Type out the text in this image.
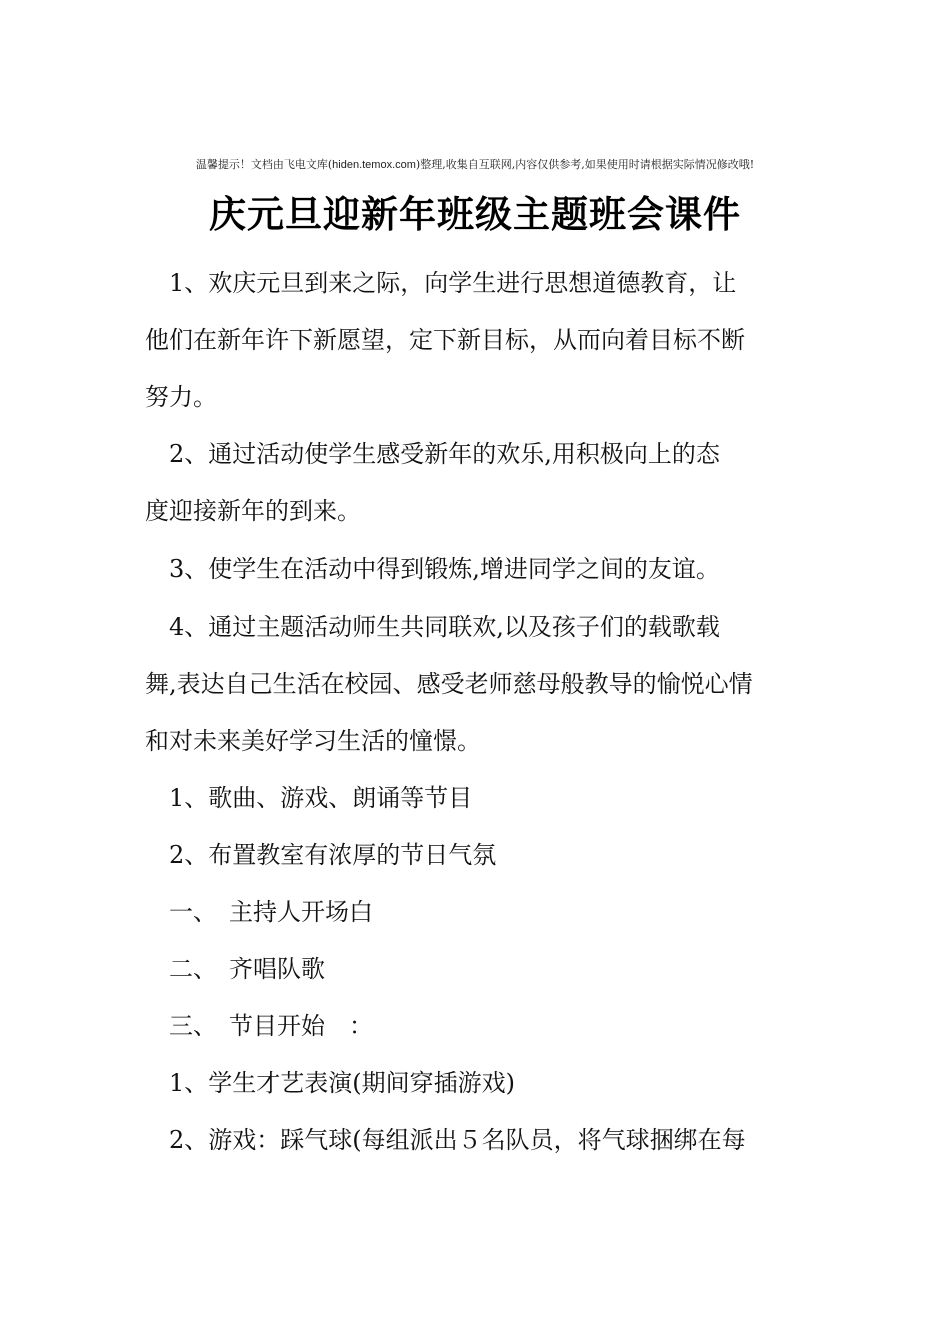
温馨提示！文档由飞电文库(hiden.temox.com)整理,收集自互联网,内容仅供参考,如果使用时请根据实际情况修改哦!
庆元旦迎新年班级主题班会课件
　1、欢庆元旦到来之际，向学生进行思想道德教育，让
他们在新年许下新愿望，定下新目标，从而向着目标不断
努力。
　2、通过活动使学生感受新年的欢乐,用积极向上的态
度迎接新年的到来。
　3、使学生在活动中得到锻炼,增进同学之间的友谊。
　4、通过主题活动师生共同联欢,以及孩子们的载歌载
舞,表达自己生活在校园、感受老师慈母般教导的愉悦心情
和对未来美好学习生活的憧憬。
　1、歌曲、游戏、朗诵等节目
　2、布置教室有浓厚的节日气氛
　一、　主持人开场白
　二、　齐唱队歌
　三、　节目开始　：
　1、学生才艺表演(期间穿插游戏)
　2、游戏：踩气球(每组派出５名队员，将气球捆绑在每
